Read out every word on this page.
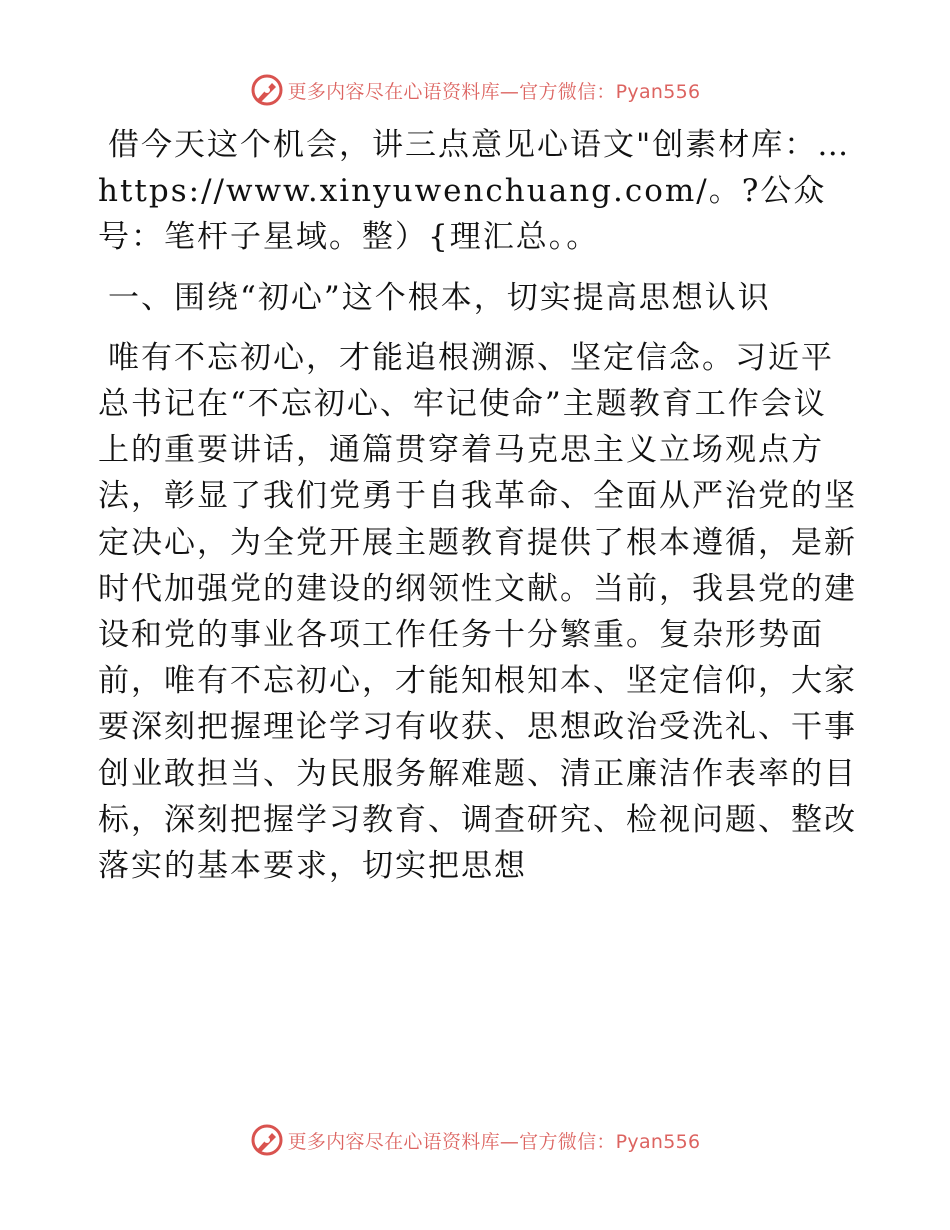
更多内容尽在心语资料库—官方微信：Pyan556

借今天这个机会，讲三点意见心语文"创素材库：…https://www.xinyuwenchuang.com/。?公众号：笔杆子星域。整）{理汇总。。

一、围绕“初心”这个根本，切实提高思想认识

唯有不忘初心，才能追根溯源、坚定信念。习近平总书记在“不忘初心、牢记使命”主题教育工作会议上的重要讲话，通篇贯穿着马克思主义立场观点方法，彰显了我们党勇于自我革命、全面从严治党的坚定决心，为全党开展主题教育提供了根本遵循，是新时代加强党的建设的纲领性文献。当前，我县党的建设和党的事业各项工作任务十分繁重。复杂形势面前，唯有不忘初心，才能知根知本、坚定信仰，大家要深刻把握理论学习有收获、思想政治受洗礼、干事创业敢担当、为民服务解难题、清正廉洁作表率的目标，深刻把握学习教育、调查研究、检视问题、整改落实的基本要求，切实把思想

更多内容尽在心语资料库—官方微信：Pyan556
